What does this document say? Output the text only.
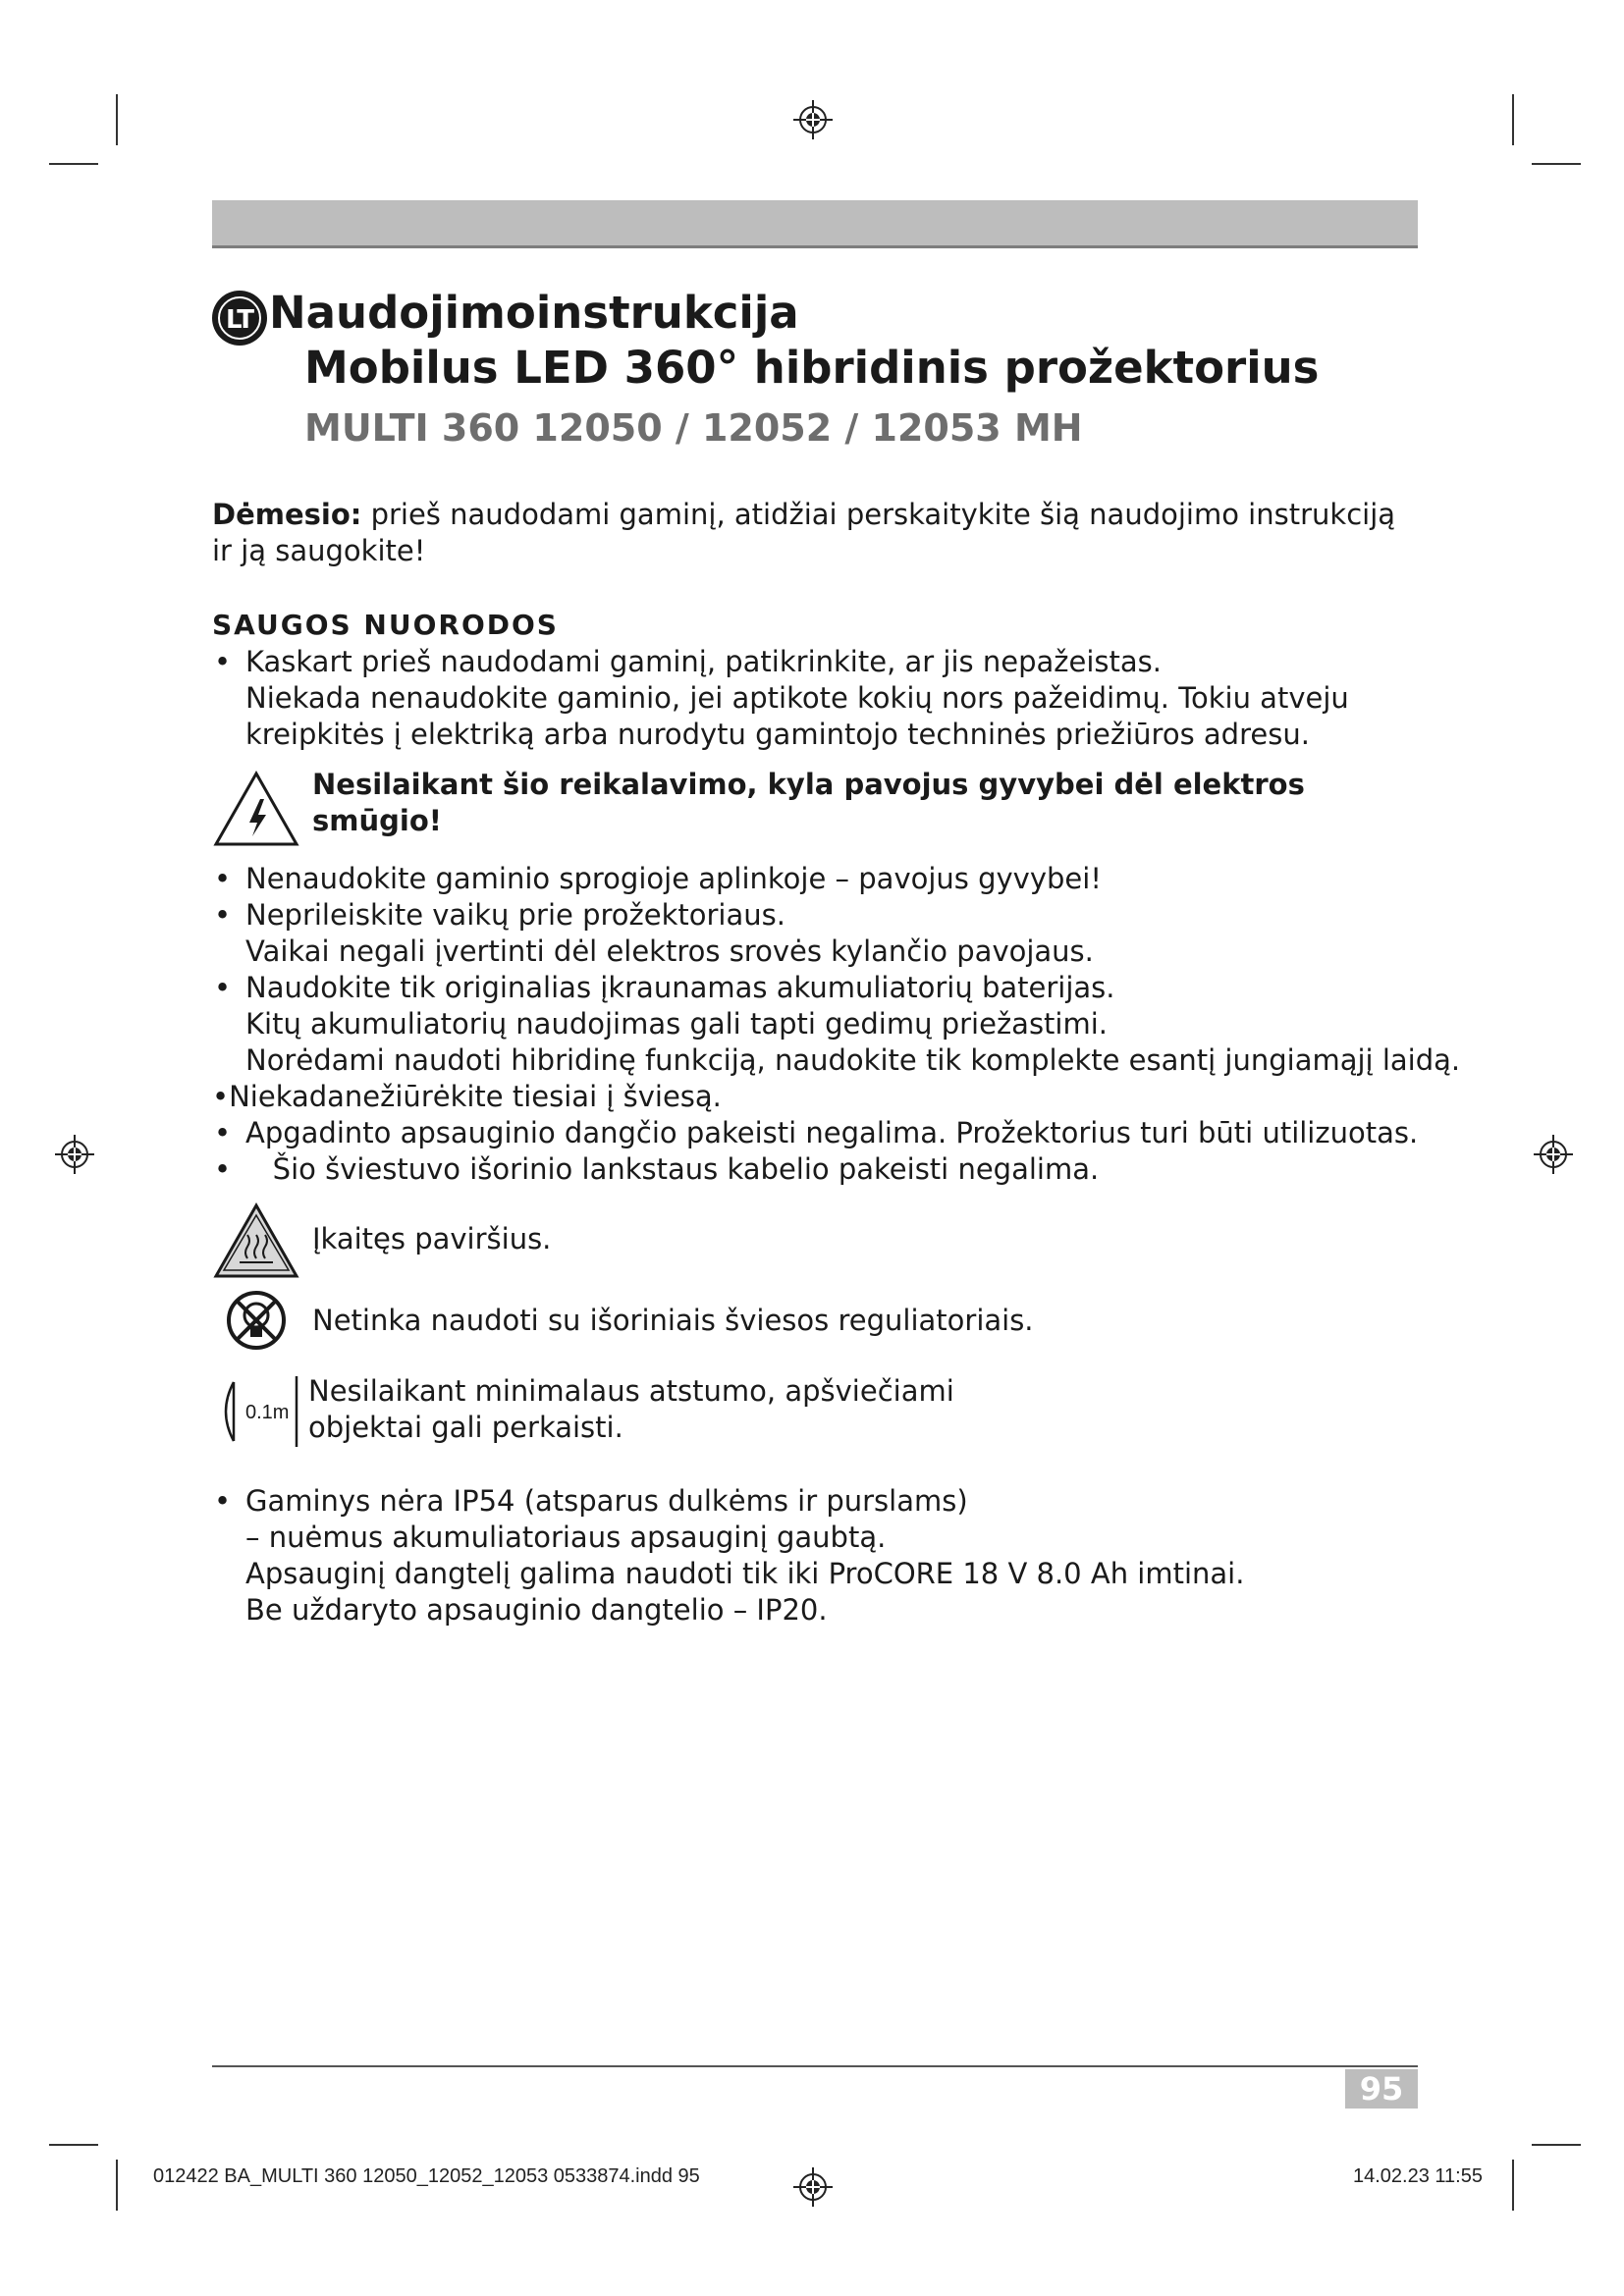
LT Naudojimoinstrukcija
Mobilus LED 360° hibridinis prožektorius
MULTI 360 12050 / 12052 / 12053 MH
Dėmesio: prieš naudodami gaminį, atidžiai perskaitykite šią naudojimo instrukciją
ir ją saugokite!
SAUGOS NUORODOS
• Kaskart prieš naudodami gaminį, patikrinkite, ar jis nepažeistas.
Niekada nenaudokite gaminio, jei aptikote kokių nors pažeidimų. Tokiu atveju
kreipkitės į elektriką arba nurodytu gamintojo techninės priežiūros adresu.
Nesilaikant šio reikalavimo, kyla pavojus gyvybei dėl elektros smūgio!
• Nenaudokite gaminio sprogioje aplinkoje – pavojus gyvybei!
• Neprileiskite vaikų prie prožektoriaus.
Vaikai negali įvertinti dėl elektros srovės kylančio pavojaus.
• Naudokite tik originalias įkraunamas akumuliatorių baterijas.
Kitų akumuliatorių naudojimas gali tapti gedimų priežastimi.
Norėdami naudoti hibridinę funkciją, naudokite tik komplekte esantį jungiamąjį laidą.
•Niekadanežiūrėkite tiesiai į šviesą.
• Apgadinto apsauginio dangčio pakeisti negalima. Prožektorius turi būti utilizuotas.
• Šio šviestuvo išorinio lankstaus kabelio pakeisti negalima.
Įkaitęs paviršius.
Netinka naudoti su išoriniais šviesos reguliatoriais.
0.1m
Nesilaikant minimalaus atstumo, apšviečiami
objektai gali perkaisti.
• Gaminys nėra IP54 (atsparus dulkėms ir purslams)
– nuėmus akumuliatoriaus apsauginį gaubtą.
Apsauginį dangtelį galima naudoti tik iki ProCORE 18 V 8.0 Ah imtinai.
Be uždaryto apsauginio dangtelio – IP20.
95
012422 BA_MULTI 360 12050_12052_12053 0533874.indd 95	14.02.23 11:55
